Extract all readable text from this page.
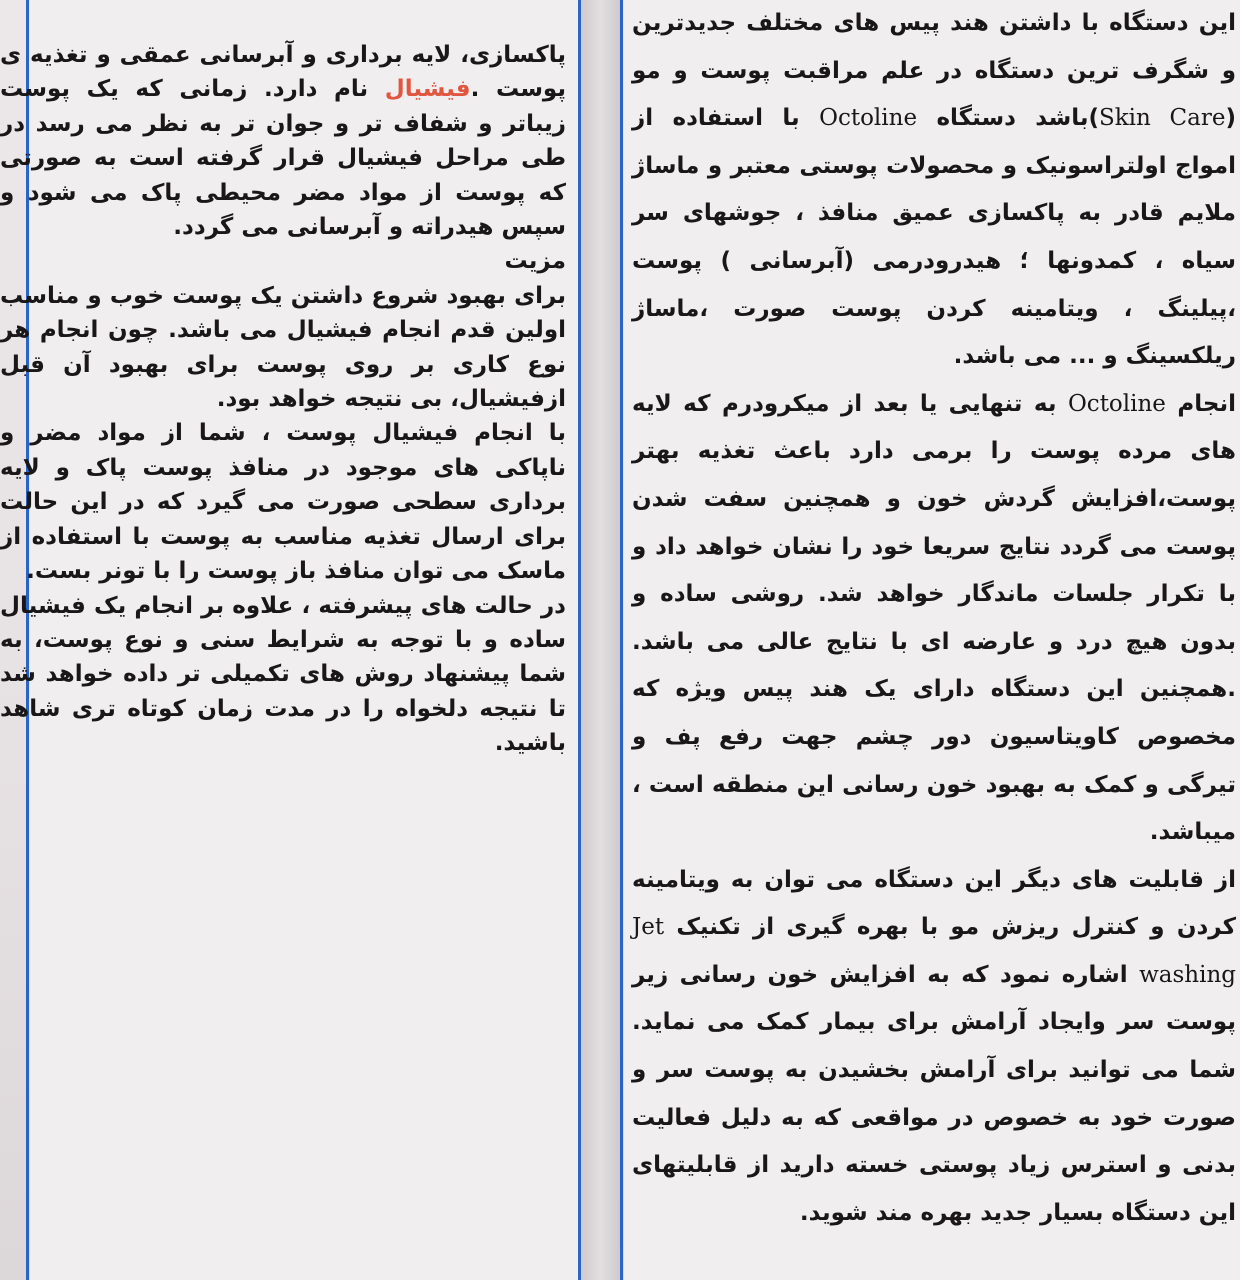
پاکسازی، لایه برداری و آبرسانی عمقی و تغذیه ی پوست .فیشیال نام دارد. زمانی که یک پوست زیباتر و شفاف تر و جوان تر به نظر می رسد در طی مراحل فیشیال قرار گرفته است به صورتی که پوست از مواد مضر محیطی پاک می شود و سپس هیدراته و آبرسانی می گردد.

مزیت

برای بهبود شروع داشتن یک پوست خوب و مناسب اولین قدم انجام فیشیال می باشد. چون انجام هر نوع کاری بر روی پوست برای بهبود آن قبل ازفیشیال، بی نتیجه خواهد بود.

با انجام فیشیال پوست ، شما از مواد مضر و ناپاکی های موجود در منافذ پوست پاک و لایه برداری سطحی صورت می گیرد که در این حالت برای ارسال تغذیه مناسب به پوست با استفاده از ماسک می توان منافذ باز پوست را با تونر بست.

در حالت های پیشرفته ، علاوه بر انجام یک فیشیال ساده و با توجه به شرایط سنی و نوع پوست، به شما پیشنهاد روش های تکمیلی تر داده خواهد شد تا نتیجه دلخواه را در مدت زمان کوتاه تری شاهد باشید.

این دستگاه با داشتن هند پیس های مختلف جدیدترین و شگرف ترین دستگاه در علم مراقبت پوست و مو (Skin Care)باشد دستگاه Octoline با استفاده از امواج اولتراسونیک و محصولات پوستی معتبر و ماساژ ملایم قادر به پاکسازی عمیق منافذ ، جوشهای سر سیاه ، کمدونها ؛ هیدرودرمی (آبرسانی ) پوست ،پیلینگ ، ویتامینه کردن پوست صورت ،ماساژ ریلکسینگ و ... می باشد.

انجام Octoline به تنهایی یا بعد از میکرودرم که لایه های مرده پوست را برمی دارد باعث تغذیه بهتر پوست،افزایش گردش خون و همچنین سفت شدن پوست می گردد نتایج سریعا خود را نشان خواهد داد و با تکرار جلسات ماندگار خواهد شد. روشی ساده و بدون هیچ درد و عارضه ای با نتایج عالی می باشد. .همچنین این دستگاه دارای یک هند پیس ویژه که مخصوص کاویتاسیون دور چشم جهت رفع پف و تیرگی و کمک به بهبود خون رسانی این منطقه است ، میباشد.

از قابلیت های دیگر این دستگاه می توان به ویتامینه کردن و کنترل ریزش مو با بهره گیری از تکنیک Jet washing اشاره نمود که به افزایش خون رسانی زیر پوست سر وایجاد آرامش برای بیمار کمک می نماید. شما می توانید برای آرامش بخشیدن به پوست سر و صورت خود به خصوص در مواقعی که به دلیل فعالیت بدنی و استرس زیاد پوستی خسته دارید از قابلیتهای این دستگاه بسیار جدید بهره مند شوید.
